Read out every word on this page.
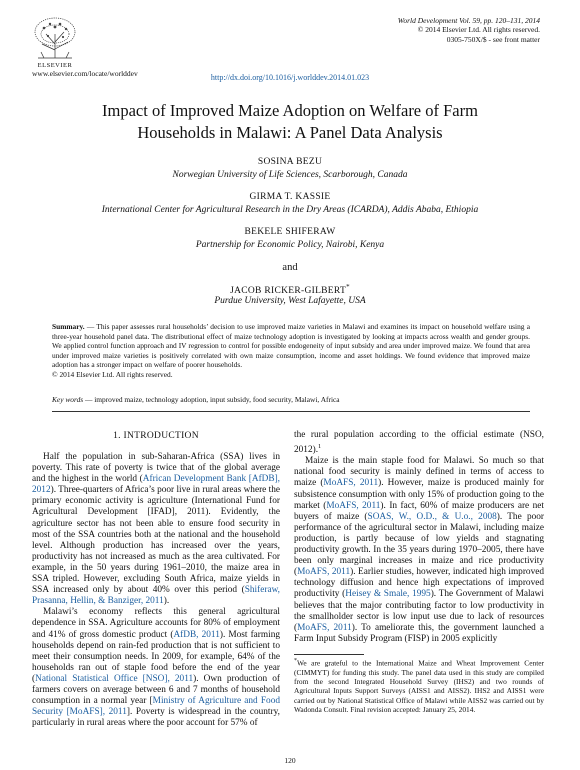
ELSEVIER
www.elsevier.com/locate/worlddev
World Development Vol. 59, pp. 120–131, 2014
© 2014 Elsevier Ltd. All rights reserved.
0305-750X/$ - see front matter
http://dx.doi.org/10.1016/j.worlddev.2014.01.023
Impact of Improved Maize Adoption on Welfare of Farm
Households in Malawi: A Panel Data Analysis
SOSINA BEZU
Norwegian University of Life Sciences, Scarborough, Canada
GIRMA T. KASSIE
International Center for Agricultural Research in the Dry Areas (ICARDA), Addis Ababa, Ethiopia
BEKELE SHIFERAW
Partnership for Economic Policy, Nairobi, Kenya
and
JACOB RICKER-GILBERT*
Purdue University, West Lafayette, USA
Summary. — This paper assesses rural households’ decision to use improved maize varieties in Malawi and examines its impact on household welfare using a three-year household panel data. The distributional effect of maize technology adoption is investigated by looking at impacts across wealth and gender groups. We applied control function approach and IV regression to control for possible endogeneity of input subsidy and area under improved maize. We found that area under improved maize varieties is positively correlated with own maize consumption, income and asset holdings. We found evidence that improved maize adoption has a stronger impact on welfare of poorer households.
© 2014 Elsevier Ltd. All rights reserved.
Key words — improved maize, technology adoption, input subsidy, food security, Malawi, Africa
1. INTRODUCTION

Half the population in sub-Saharan-Africa (SSA) lives in poverty. This rate of poverty is twice that of the global average and the highest in the world (African Development Bank [AfDB], 2012). Three-quarters of Africa’s poor live in rural areas where the primary economic activity is agriculture (International Fund for Agricultural Development [IFAD], 2011). Evidently, the agriculture sector has not been able to ensure food security in most of the SSA countries both at the national and the household level. Although production has increased over the years, productivity has not increased as much as the area cultivated. For example, in the 50 years during 1961–2010, the maize area in SSA tripled. However, excluding South Africa, maize yields in SSA increased only by about 40% over this period (Shiferaw, Prasanna, Hellin, & Banziger, 2011).

Malawi’s economy reflects this general agricultural dependence in SSA. Agriculture accounts for 80% of employment and 41% of gross domestic product (AfDB, 2011). Most farming households depend on rain-fed production that is not sufficient to meet their consumption needs. In 2009, for example, 64% of the households ran out of staple food before the end of the year (National Statistical Office [NSO], 2011). Own production of farmers covers on average between 6 and 7 months of household consumption in a normal year [Ministry of Agriculture and Food Security [MoAFS], 2011]. Poverty is widespread in the country, particularly in rural areas where the poor account for 57% of

the rural population according to the official estimate (NSO, 2012).$^1$

Maize is the main staple food for Malawi. So much so that national food security is mainly defined in terms of access to maize (MoAFS, 2011). However, maize is produced mainly for subsistence consumption with only 15% of production going to the market (MoAFS, 2011). In fact, 60% of maize producers are net buyers of maize (SOAS, W., O.D., & U.o., 2008). The poor performance of the agricultural sector in Malawi, including maize production, is partly because of low yields and stagnating productivity growth. In the 35 years during 1970–2005, there have been only marginal increases in maize and rice productivity (MoAFS, 2011). Earlier studies, however, indicated high improved technology diffusion and hence high expectations of improved productivity (Heisey & Smale, 1995). The Government of Malawi believes that the major contributing factor to low productivity in the smallholder sector is low input use due to lack of resources (MoAFS, 2011). To ameliorate this, the government launched a Farm Input Subsidy Program (FISP) in 2005 explicitly

*We are grateful to the International Maize and Wheat Improvement Center (CIMMYT) for funding this study. The panel data used in this study are compiled from the second Integrated Household Survey (IHS2) and two rounds of Agricultural Inputs Support Surveys (AISS1 and AISS2). IHS2 and AISS1 were carried out by National Statistical Office of Malawi while AISS2 was carried out by Wadonda Consult. Final revision accepted: January 25, 2014.
120
